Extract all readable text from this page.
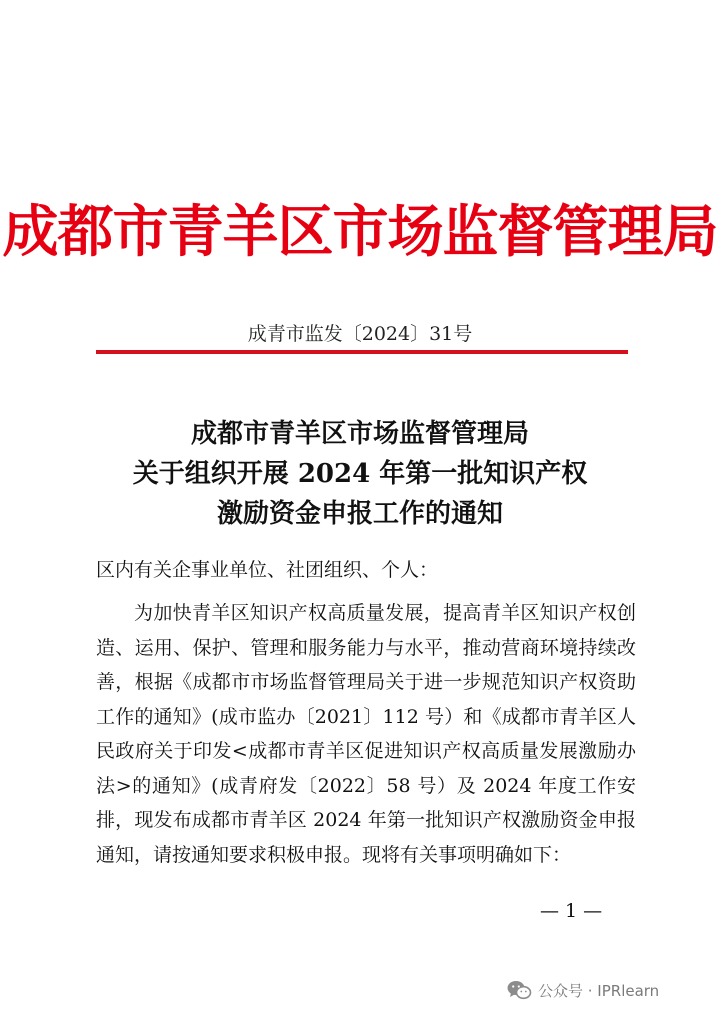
成都市青羊区市场监督管理局
成青市监发〔2024〕31号
成都市青羊区市场监督管理局
关于组织开展 2024 年第一批知识产权
激励资金申报工作的通知
区内有关企事业单位、社团组织、个人：
为加快青羊区知识产权高质量发展，提高青羊区知识产权创造、运用、保护、管理和服务能力与水平，推动营商环境持续改善，根据《成都市市场监督管理局关于进一步规范知识产权资助工作的通知》(成市监办〔2021〕112 号）和《成都市青羊区人民政府关于印发<成都市青羊区促进知识产权高质量发展激励办法>的通知》(成青府发〔2022〕58 号）及 2024 年度工作安排，现发布成都市青羊区 2024 年第一批知识产权激励资金申报通知，请按通知要求积极申报。现将有关事项明确如下：
— 1 —
公众号 · IPRlearn
